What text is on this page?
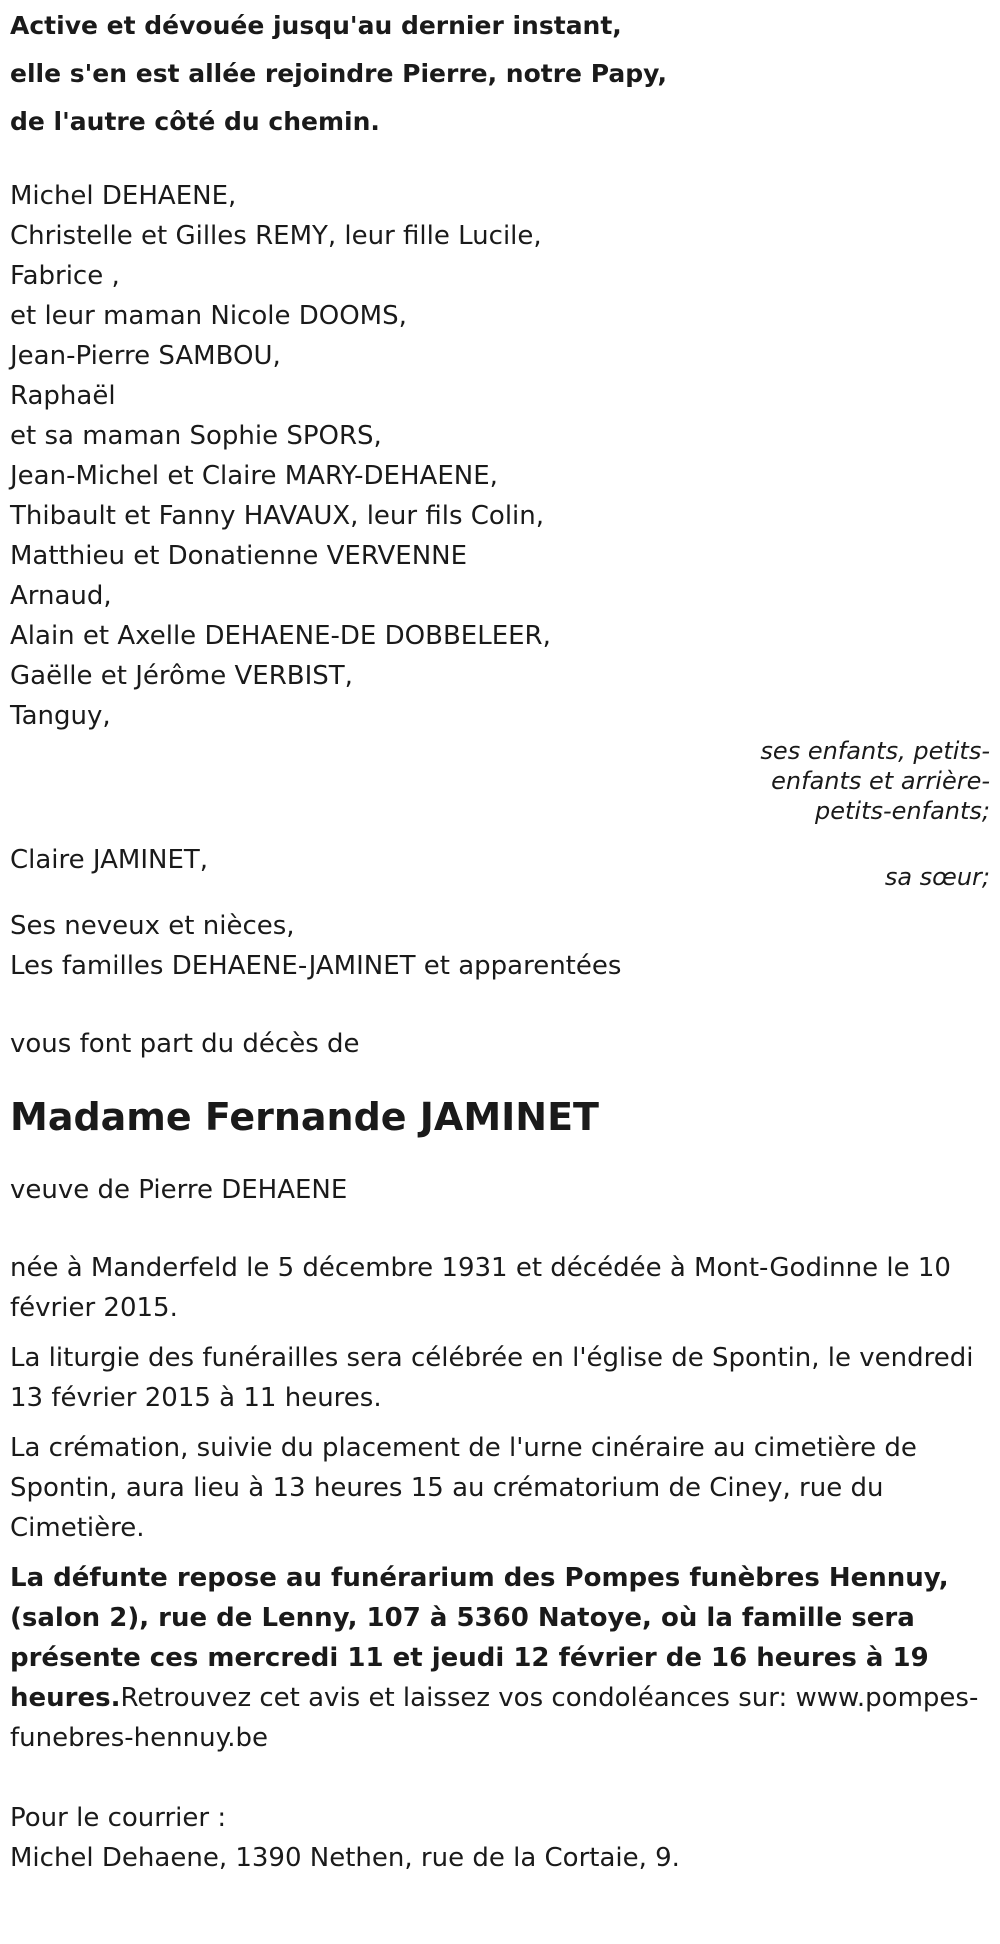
Active et dévouée jusqu'au dernier instant,
elle s'en est allée rejoindre Pierre, notre Papy,
de l'autre côté du chemin.
Michel DEHAENE,
Christelle et Gilles REMY, leur fille Lucile,
Fabrice ,
et leur maman Nicole DOOMS,
Jean-Pierre SAMBOU,
Raphaël
et sa maman Sophie SPORS,
Jean-Michel et Claire MARY-DEHAENE,
Thibault et Fanny HAVAUX, leur fils Colin,
Matthieu et Donatienne VERVENNE
Arnaud,
Alain et Axelle DEHAENE-DE DOBBELEER,
Gaëlle et Jérôme VERBIST,
Tanguy,
ses enfants, petits-enfants et arrière-petits-enfants;
Claire JAMINET,
sa sœur;
Ses neveux et nièces,
Les familles DEHAENE-JAMINET et apparentées
vous font part du décès de
Madame Fernande JAMINET
veuve de Pierre DEHAENE
née à Manderfeld le 5 décembre 1931 et décédée à Mont-Godinne le 10 février 2015.
La liturgie des funérailles sera célébrée en l'église de Spontin, le vendredi 13 février 2015 à 11 heures.
La crémation, suivie du placement de l'urne cinéraire au cimetière de Spontin, aura lieu à 13 heures 15 au crématorium de Ciney, rue du Cimetière.
La défunte repose au funérarium des Pompes funèbres Hennuy, (salon 2), rue de Lenny, 107 à 5360 Natoye, où la famille sera présente ces mercredi 11 et jeudi 12 février de 16 heures à 19 heures.Retrouvez cet avis et laissez vos condoléances sur: www.pompes-funebres-hennuy.be
Pour le courrier :
Michel Dehaene, 1390 Nethen, rue de la Cortaie, 9.
